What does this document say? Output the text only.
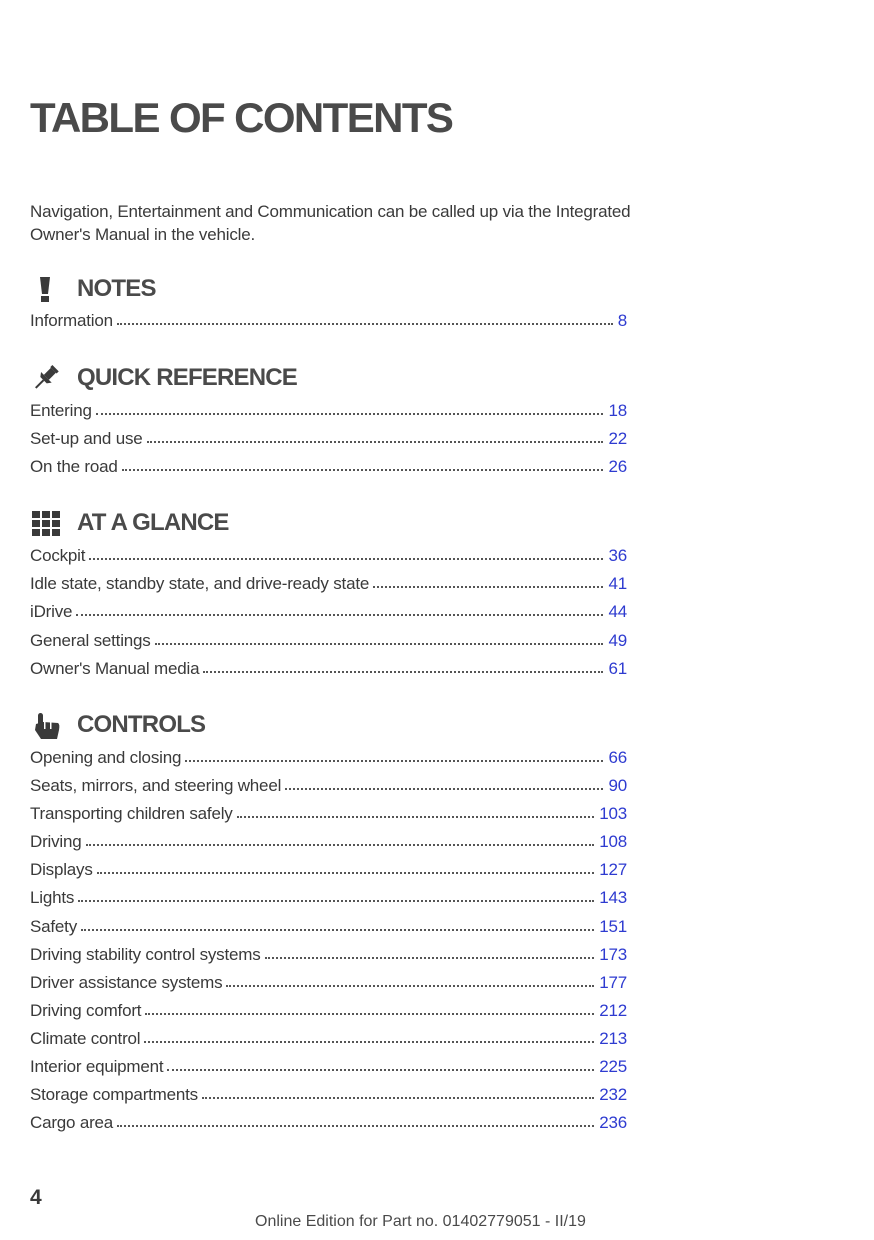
TABLE OF CONTENTS

Navigation, Entertainment and Communication can be called up via the Integrated Owner's Manual in the vehicle.

NOTES
Information	8
QUICK REFERENCE
Entering	18
Set-up and use	22
On the road	26
AT A GLANCE
Cockpit	36
Idle state, standby state, and drive-ready state	41
iDrive	44
General settings	49
Owner's Manual media	61
CONTROLS
Opening and closing	66
Seats, mirrors, and steering wheel	90
Transporting children safely	103
Driving	108
Displays	127
Lights	143
Safety	151
Driving stability control systems	173
Driver assistance systems	177
Driving comfort	212
Climate control	213
Interior equipment	225
Storage compartments	232
Cargo area	236
4
Online Edition for Part no. 01402779051 - II/19
